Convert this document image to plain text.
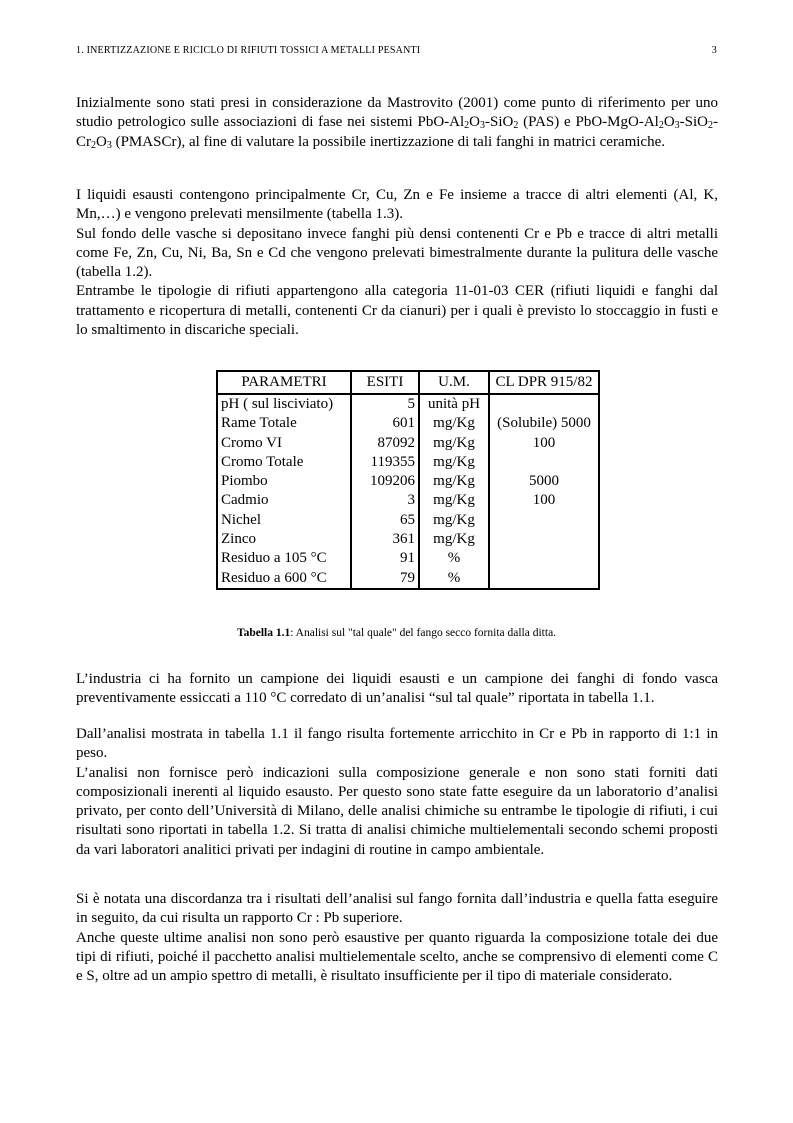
1. INERTIZZAZIONE E RICICLO DI RIFIUTI TOSSICI A METALLI PESANTI	3

Inizialmente sono stati presi in considerazione da Mastrovito (2001) come punto di riferimento per uno studio petrologico sulle associazioni di fase nei sistemi PbO-$Al_2O_3-SiO_2$ (PAS) e PbO-$MgO-Al_2O_3-SiO_2-Cr_2O_3$ (PMASCr), al fine di valutare la possibile inertizzazione di tali fanghi in matrici ceramiche.

I liquidi esausti contengono principalmente Cr, Cu, Zn e Fe insieme a tracce di altri elementi (Al, K, Mn,…) e vengono prelevati mensilmente (tabella 1.3).

Sul fondo delle vasche si depositano invece fanghi più densi contenenti Cr e Pb e tracce di altri metalli come Fe, Zn, Cu, Ni, Ba, Sn e Cd che vengono prelevati bimestralmente durante la pulitura delle vasche (tabella 1.2).

Entrambe le tipologie di rifiuti appartengono alla categoria 11-01-03 CER (rifiuti liquidi e fanghi dal trattamento e ricopertura di metalli, contenenti Cr da cianuri) per i quali è previsto lo stoccaggio in fusti e lo smaltimento in discariche speciali.

PARAMETRI	ESITI	U.M.	CL DPR 915/82
pH ( sul lisciviato)	5	unità pH	
Rame Totale	601	mg/Kg	(Solubile) 5000
Cromo VI	87092	mg/Kg	100
Cromo Totale	119355	mg/Kg	
Piombo	109206	mg/Kg	5000
Cadmio	3	mg/Kg	100
Nichel	65	mg/Kg	
Zinco	361	mg/Kg	
Residuo a 105 °C	91	%	
Residuo a 600 °C	79	%	
Tabella 1.1: Analisi sul "tal quale" del fango secco fornita dalla ditta.

L’industria ci ha fornito un campione dei liquidi esausti e un campione dei fanghi di fondo vasca preventivamente essiccati a 110 °C corredato di un’analisi “sul tal quale” riportata in tabella 1.1.

Dall’analisi mostrata in tabella 1.1 il fango risulta fortemente arricchito in Cr e Pb in rapporto di 1:1 in peso.

L’analisi non fornisce però indicazioni sulla composizione generale e non sono stati forniti dati composizionali inerenti al liquido esausto. Per questo sono state fatte eseguire da un laboratorio d’analisi privato, per conto dell’Università di Milano, delle analisi chimiche su entrambe le tipologie di rifiuti, i cui risultati sono riportati in tabella 1.2. Si tratta di analisi chimiche multielementali secondo schemi proposti da vari laboratori analitici privati per indagini di routine in campo ambientale.

Si è notata una discordanza tra i risultati dell’analisi sul fango fornita dall’industria e quella fatta eseguire in seguito, da cui risulta un rapporto Cr : Pb superiore.

Anche queste ultime analisi non sono però esaustive per quanto riguarda la composizione totale dei due tipi di rifiuti, poiché il pacchetto analisi multielementale scelto, anche se comprensivo di elementi come C e S, oltre ad un ampio spettro di metalli, è risultato insufficiente per il tipo di materiale considerato.
